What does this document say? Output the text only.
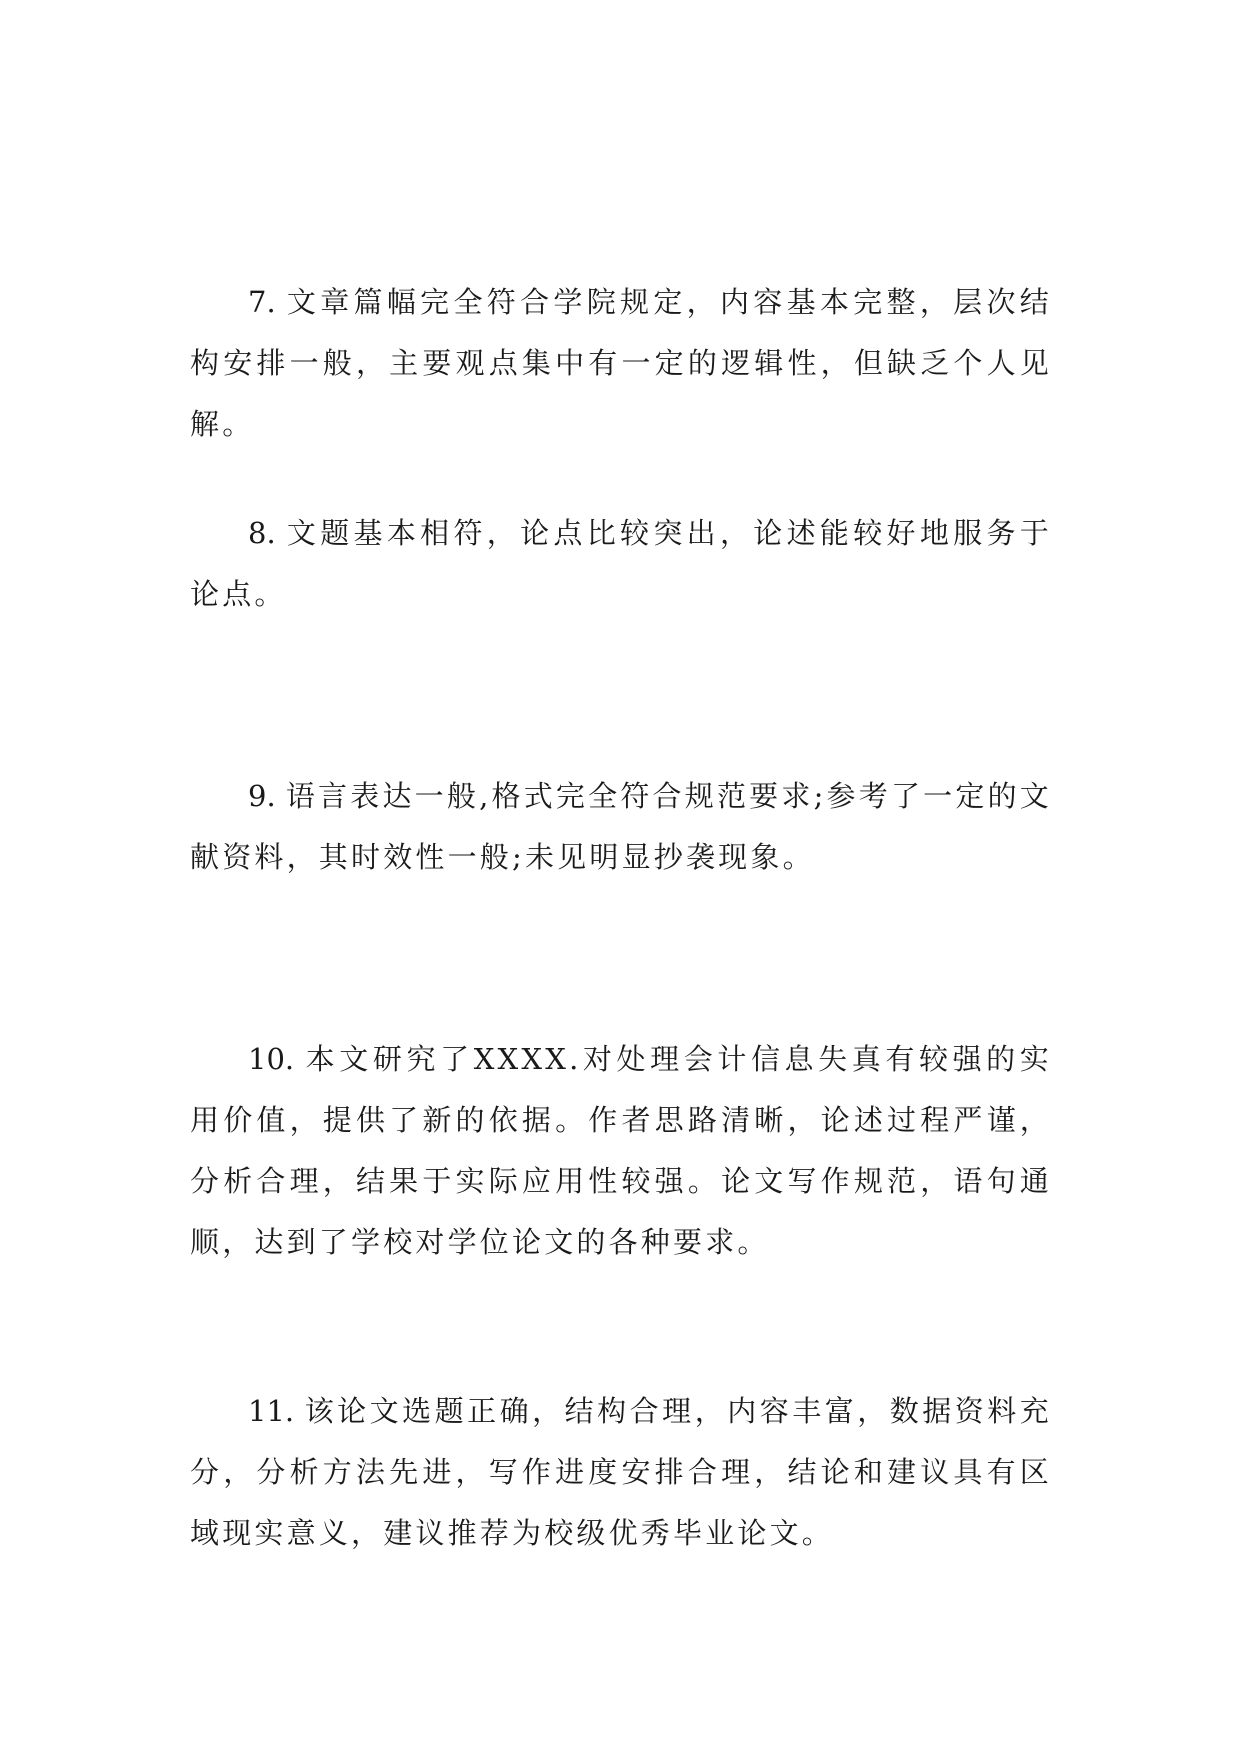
7. 文章篇幅完全符合学院规定，内容基本完整，层次结构安排一般，主要观点集中有一定的逻辑性，但缺乏个人见解。

8. 文题基本相符，论点比较突出，论述能较好地服务于论点。

9. 语言表达一般,格式完全符合规范要求;参考了一定的文献资料，其时效性一般;未见明显抄袭现象。

10. 本文研究了XXXX.对处理会计信息失真有较强的实用价值，提供了新的依据。作者思路清晰，论述过程严谨，分析合理，结果于实际应用性较强。论文写作规范，语句通顺，达到了学校对学位论文的各种要求。

11. 该论文选题正确，结构合理，内容丰富，数据资料充分，分析方法先进，写作进度安排合理，结论和建议具有区域现实意义，建议推荐为校级优秀毕业论文。
